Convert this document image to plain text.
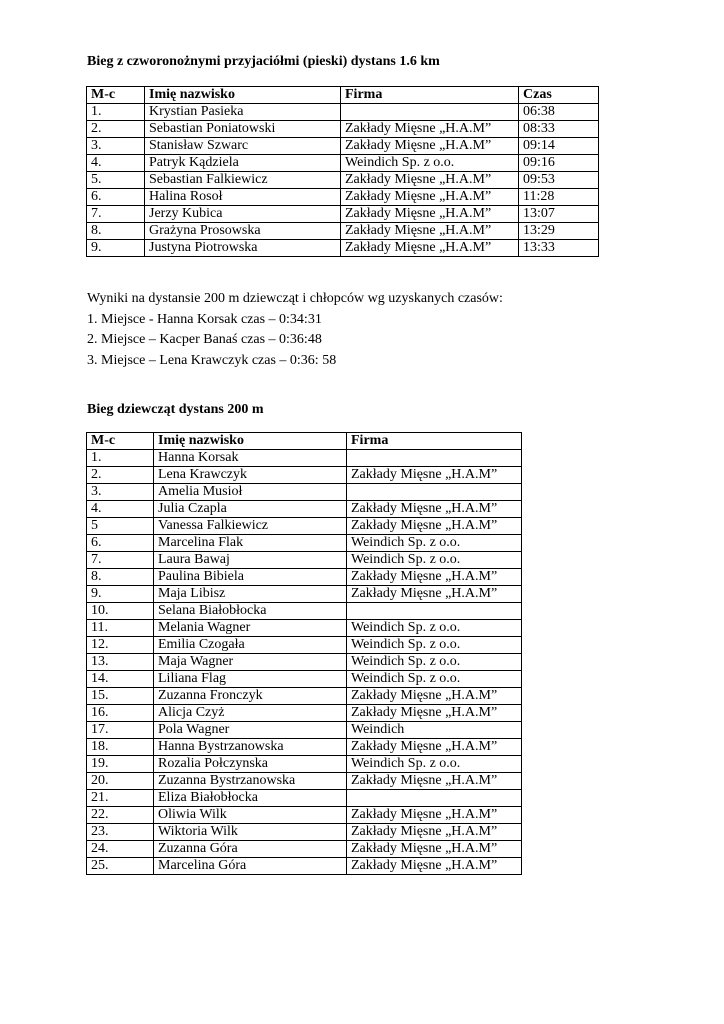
Bieg z czworonożnymi przyjaciółmi (pieski) dystans 1.6 km
M-c	Imię nazwisko	Firma	Czas
1.	Krystian Pasieka		06:38
2.	Sebastian Poniatowski	Zakłady Mięsne „H.A.M”	08:33
3.	Stanisław Szwarc	Zakłady Mięsne „H.A.M”	09:14
4.	Patryk Kądziela	Weindich Sp. z o.o.	09:16
5.	Sebastian Falkiewicz	Zakłady Mięsne „H.A.M”	09:53
6.	Halina Rosoł	Zakłady Mięsne „H.A.M”	11:28
7.	Jerzy Kubica	Zakłady Mięsne „H.A.M”	13:07
8.	Grażyna Prosowska	Zakłady Mięsne „H.A.M”	13:29
9.	Justyna Piotrowska	Zakłady Mięsne „H.A.M”	13:33
Wyniki na dystansie 200 m dziewcząt i chłopców wg uzyskanych czasów:
1. Miejsce - Hanna Korsak czas – 0:34:31
2. Miejsce – Kacper Banaś czas – 0:36:48
3. Miejsce – Lena Krawczyk czas – 0:36: 58
Bieg dziewcząt dystans 200 m
M-c	Imię nazwisko	Firma
1.	Hanna Korsak	
2.	Lena Krawczyk	Zakłady Mięsne „H.A.M”
3.	Amelia Musioł	
4.	Julia Czapla	Zakłady Mięsne „H.A.M”
5	Vanessa Falkiewicz	Zakłady Mięsne „H.A.M”
6.	Marcelina Flak	Weindich Sp. z o.o.
7.	Laura Bawaj	Weindich Sp. z o.o.
8.	Paulina Bibiela	Zakłady Mięsne „H.A.M”
9.	Maja Libisz	Zakłady Mięsne „H.A.M”
10.	Selana Białobłocka	
11.	Melania Wagner	Weindich Sp. z o.o.
12.	Emilia Czogała	Weindich Sp. z o.o.
13.	Maja Wagner	Weindich Sp. z o.o.
14.	Liliana Flag	Weindich Sp. z o.o.
15.	Zuzanna Fronczyk	Zakłady Mięsne „H.A.M”
16.	Alicja Czyż	Zakłady Mięsne „H.A.M”
17.	Pola Wagner	Weindich
18.	Hanna Bystrzanowska	Zakłady Mięsne „H.A.M”
19.	Rozalia Połczynska	Weindich Sp. z o.o.
20.	Zuzanna Bystrzanowska	Zakłady Mięsne „H.A.M”
21.	Eliza Białobłocka	
22.	Oliwia Wilk	Zakłady Mięsne „H.A.M”
23.	Wiktoria Wilk	Zakłady Mięsne „H.A.M”
24.	Zuzanna Góra	Zakłady Mięsne „H.A.M”
25.	Marcelina Góra	Zakłady Mięsne „H.A.M”
